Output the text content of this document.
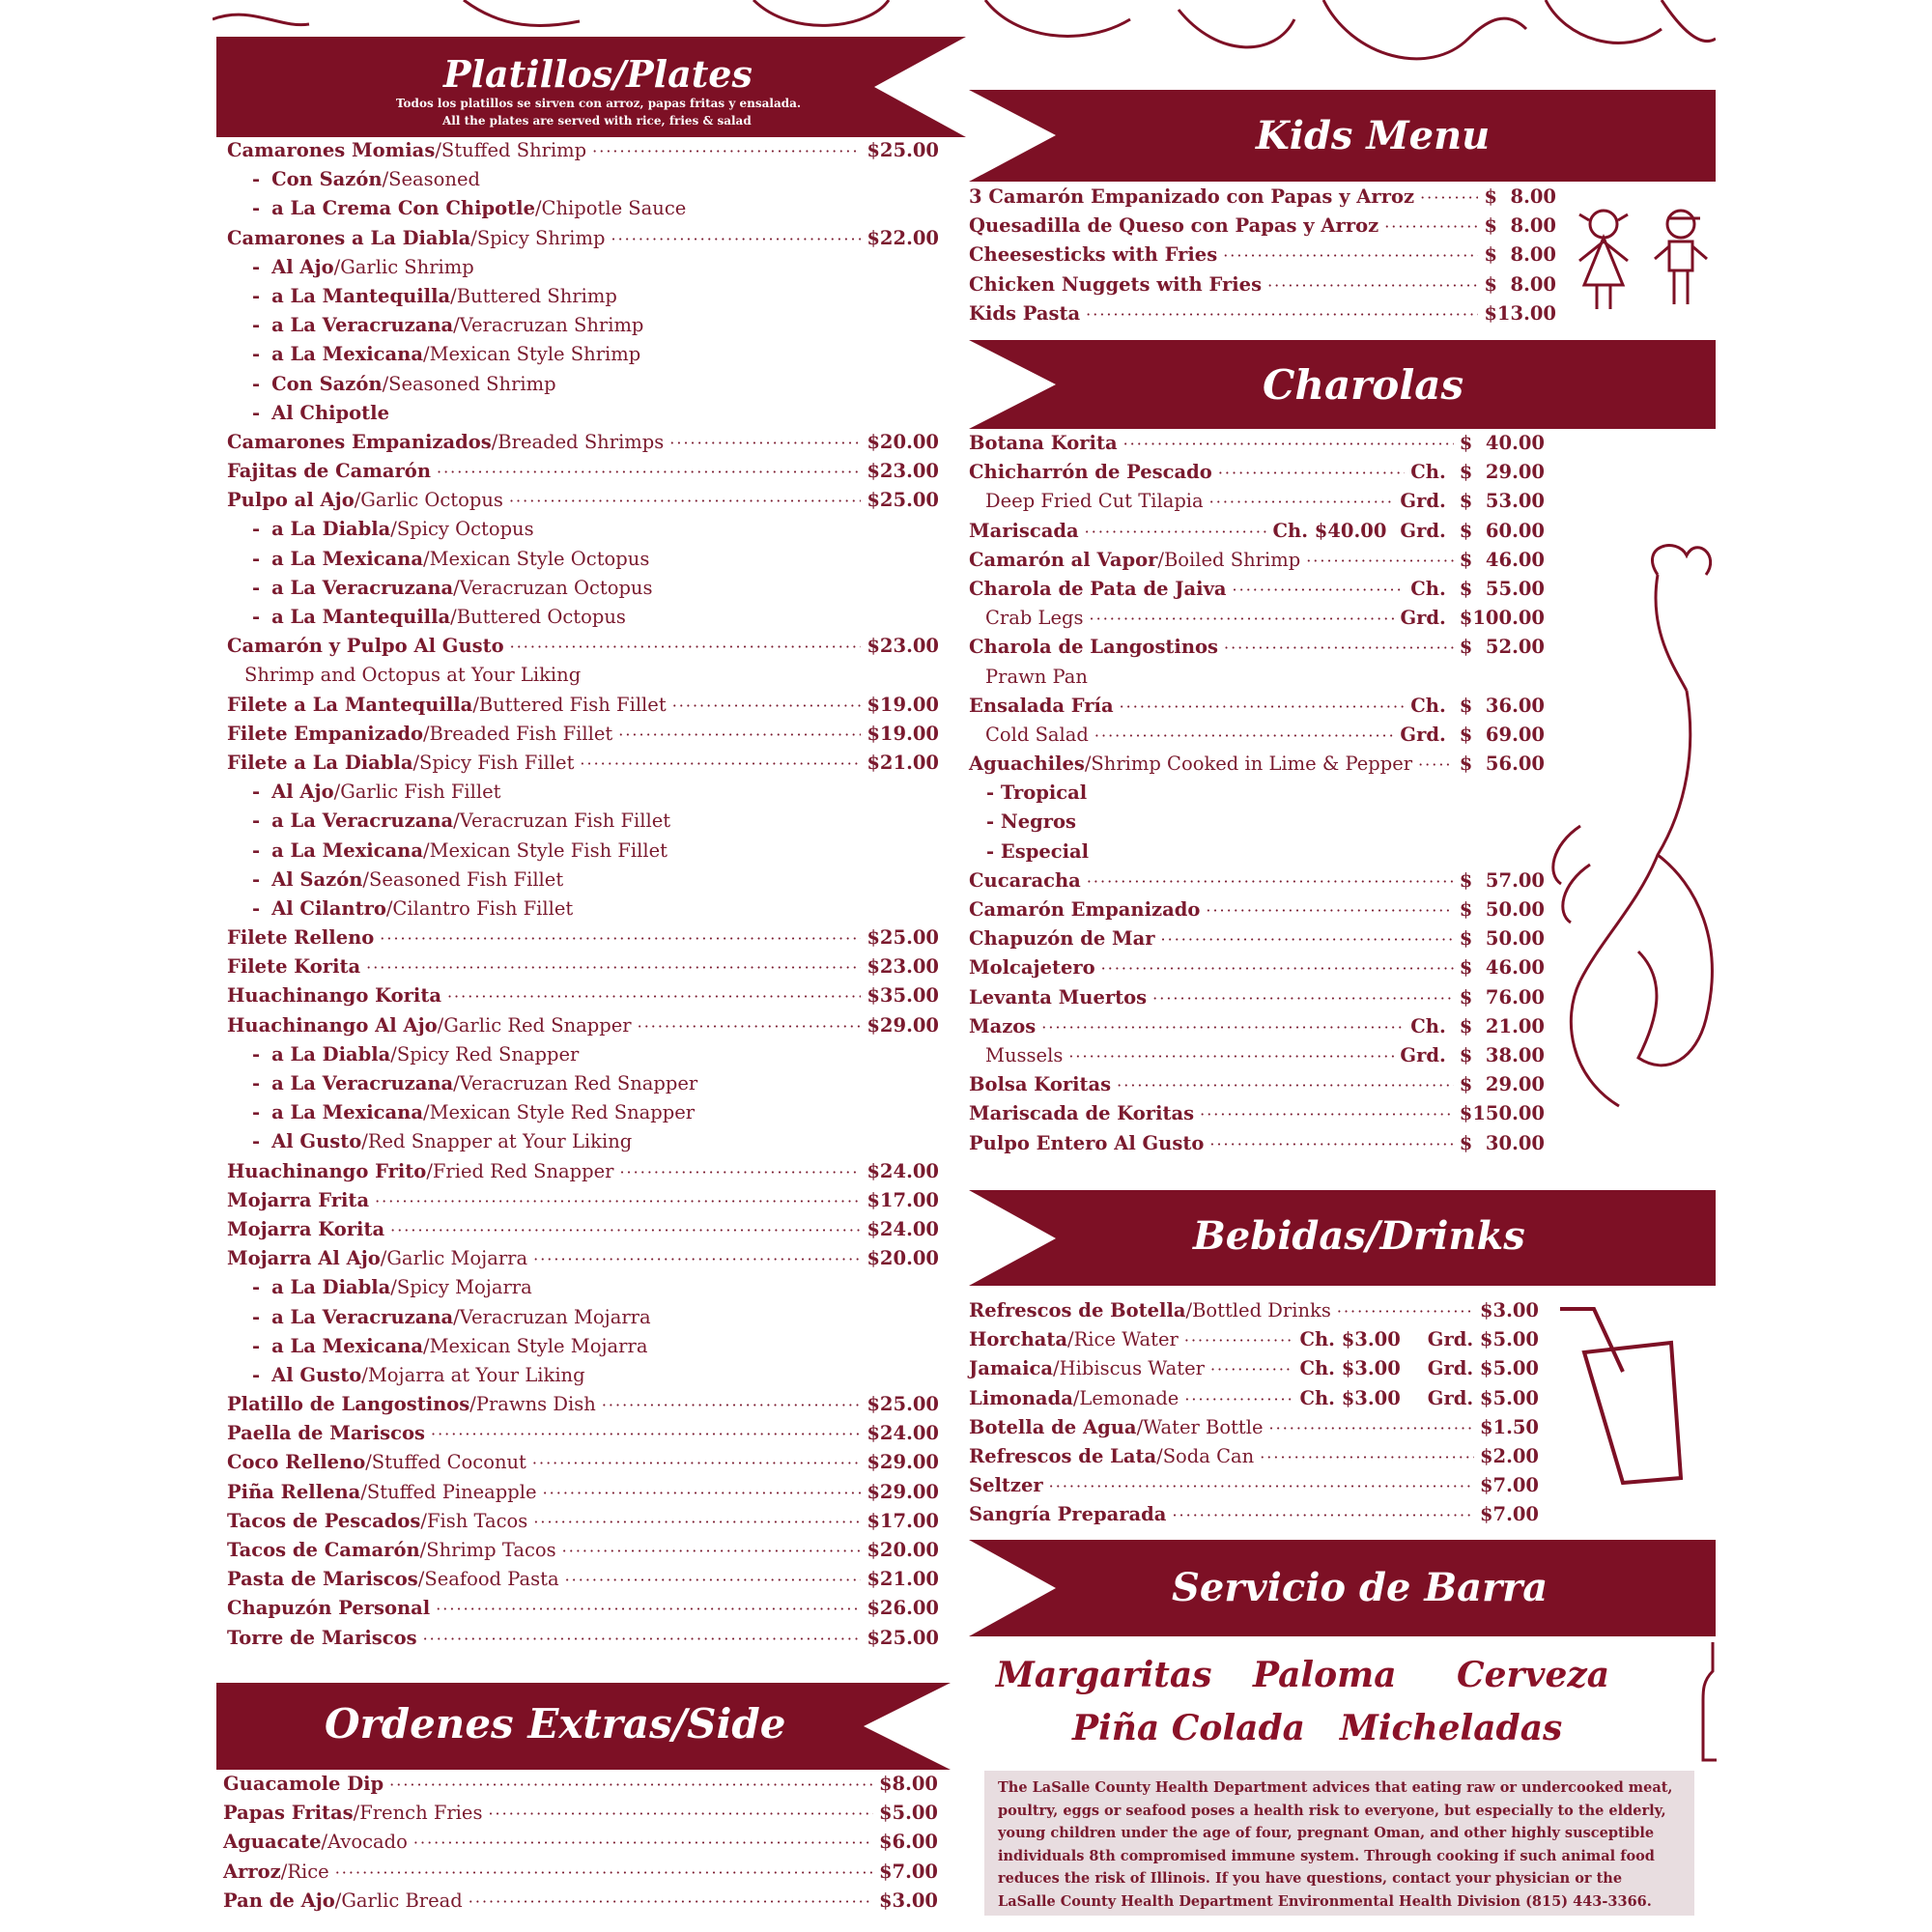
Platillos/Plates
Todos los platillos se sirven con arroz, papas fritas y ensalada.
All the plates are served with rice, fries & salad
Camarones Momias /Stuffed Shrimp ·····	$25.00
- Con Sazón /Seasoned
- a La Crema Con Chipotle /Chipotle Sauce
Camarones a La Diabla /Spicy Shrimp ·····	$22.00
- Al Ajo /Garlic Shrimp
- a La Mantequilla /Buttered Shrimp
- a La Veracruzana /Veracruzan Shrimp
- a La Mexicana /Mexican Style Shrimp
- Con Sazón /Seasoned Shrimp
- Al Chipotle
Camarones Empanizados /Breaded Shrimps ·····	$20.00
Fajitas de Camarón ·····	$23.00
Pulpo al Ajo /Garlic Octopus ·····	$25.00
- a La Diabla /Spicy Octopus
- a La Mexicana /Mexican Style Octopus
- a La Veracruzana /Veracruzan Octopus
- a La Mantequilla /Buttered Octopus
Camarón y Pulpo Al Gusto ·····	$23.00
Shrimp and Octopus at Your Liking
Filete a La Mantequilla /Buttered Fish Fillet ·····	$19.00
Filete Empanizado /Breaded Fish Fillet ·····	$19.00
Filete a La Diabla /Spicy Fish Fillet ·····	$21.00
- Al Ajo /Garlic Fish Fillet
- a La Veracruzana /Veracruzan Fish Fillet
- a La Mexicana /Mexican Style Fish Fillet
- Al Sazón /Seasoned Fish Fillet
- Al Cilantro /Cilantro Fish Fillet
Filete Relleno ·····	$25.00
Filete Korita ·····	$23.00
Huachinango Korita ·····	$35.00
Huachinango Al Ajo /Garlic Red Snapper ·····	$29.00
- a La Diabla /Spicy Red Snapper
- a La Veracruzana /Veracruzan Red Snapper
- a La Mexicana /Mexican Style Red Snapper
- Al Gusto /Red Snapper at Your Liking
Huachinango Frito /Fried Red Snapper ·····	$24.00
Mojarra Frita ·····	$17.00
Mojarra Korita ·····	$24.00
Mojarra Al Ajo /Garlic Mojarra ·····	$20.00
- a La Diabla /Spicy Mojarra
- a La Veracruzana /Veracruzan Mojarra
- a La Mexicana /Mexican Style Mojarra
- Al Gusto /Mojarra at Your Liking
Platillo de Langostinos /Prawns Dish ·····	$25.00
Paella de Mariscos ·····	$24.00
Coco Relleno /Stuffed Coconut ·····	$29.00
Piña Rellena /Stuffed Pineapple ·····	$29.00
Tacos de Pescados /Fish Tacos ·····	$17.00
Tacos de Camarón /Shrimp Tacos ·····	$20.00
Pasta de Mariscos /Seafood Pasta ·····	$21.00
Chapuzón Personal ·····	$26.00
Torre de Mariscos ·····	$25.00
Ordenes Extras/Side
Guacamole Dip ·····	$8.00
Papas Fritas /French Fries ·····	$5.00
Aguacate /Avocado ·····	$6.00
Arroz /Rice ·····	$7.00
Pan de Ajo /Garlic Bread ·····	$3.00
Kids Menu
3 Camarón Empanizado con Papas y Arroz ·····	$  8.00
Quesadilla de Queso con Papas y Arroz ·····	$  8.00
Cheesesticks with Fries ·····	$  8.00
Chicken Nuggets with Fries ·····	$  8.00
Kids Pasta ·····	$13.00
Charolas
Botana Korita ·····	$  40.00
Chicharrón de Pescado ·····	Ch. $  29.00
Deep Fried Cut Tilapia ·····	Grd. $  53.00
Mariscada ·····	Ch. $40.00 Grd. $  60.00
Camarón al Vapor /Boiled Shrimp ·····	$  46.00
Charola de Pata de Jaiva ·····	Ch. $  55.00
Crab Legs ·····	Grd. $100.00
Charola de Langostinos ·····	$  52.00
Prawn Pan
Ensalada Fría ·····	Ch. $  36.00
Cold Salad ·····	Grd. $  69.00
Aguachiles /Shrimp Cooked in Lime & Pepper ····· $  56.00
- Tropical
- Negros
- Especial
Cucaracha ·····	$  57.00
Camarón Empanizado ·····	$  50.00
Chapuzón de Mar ·····	$  50.00
Molcajetero ·····	$  46.00
Levanta Muertos ·····	$  76.00
Mazos ·····	Ch. $  21.00
Mussels ·····	Grd. $  38.00
Bolsa Koritas ·····	$  29.00
Mariscada de Koritas ·····	$150.00
Pulpo Entero Al Gusto ·····	$  30.00
Bebidas/Drinks
Refrescos de Botella /Bottled Drinks ·····	$3.00
Horchata /Rice Water ·····	Ch. $3.00 Grd. $5.00
Jamaica /Hibiscus Water ·····	Ch. $3.00 Grd. $5.00
Limonada /Lemonade ·····	Ch. $3.00 Grd. $5.00
Botella de Agua /Water Bottle ·····	$1.50
Refrescos de Lata /Soda Can ·····	$2.00
Seltzer ·····	$7.00
Sangría Preparada ·····	$7.00
Servicio de Barra
Margaritas Paloma Cerveza
Piña Colada Micheladas
The LaSalle County Health Department advices that eating raw or undercooked meat, poultry, eggs or seafood poses a health risk to everyone, but especially to the elderly, young children under the age of four, pregnant Oman, and other highly susceptible individuals 8th compromised immune system. Through cooking if such animal food reduces the risk of Illinois. If you have questions, contact your physician or the LaSalle County Health Department Environmental Health Division (815) 443-3366.
